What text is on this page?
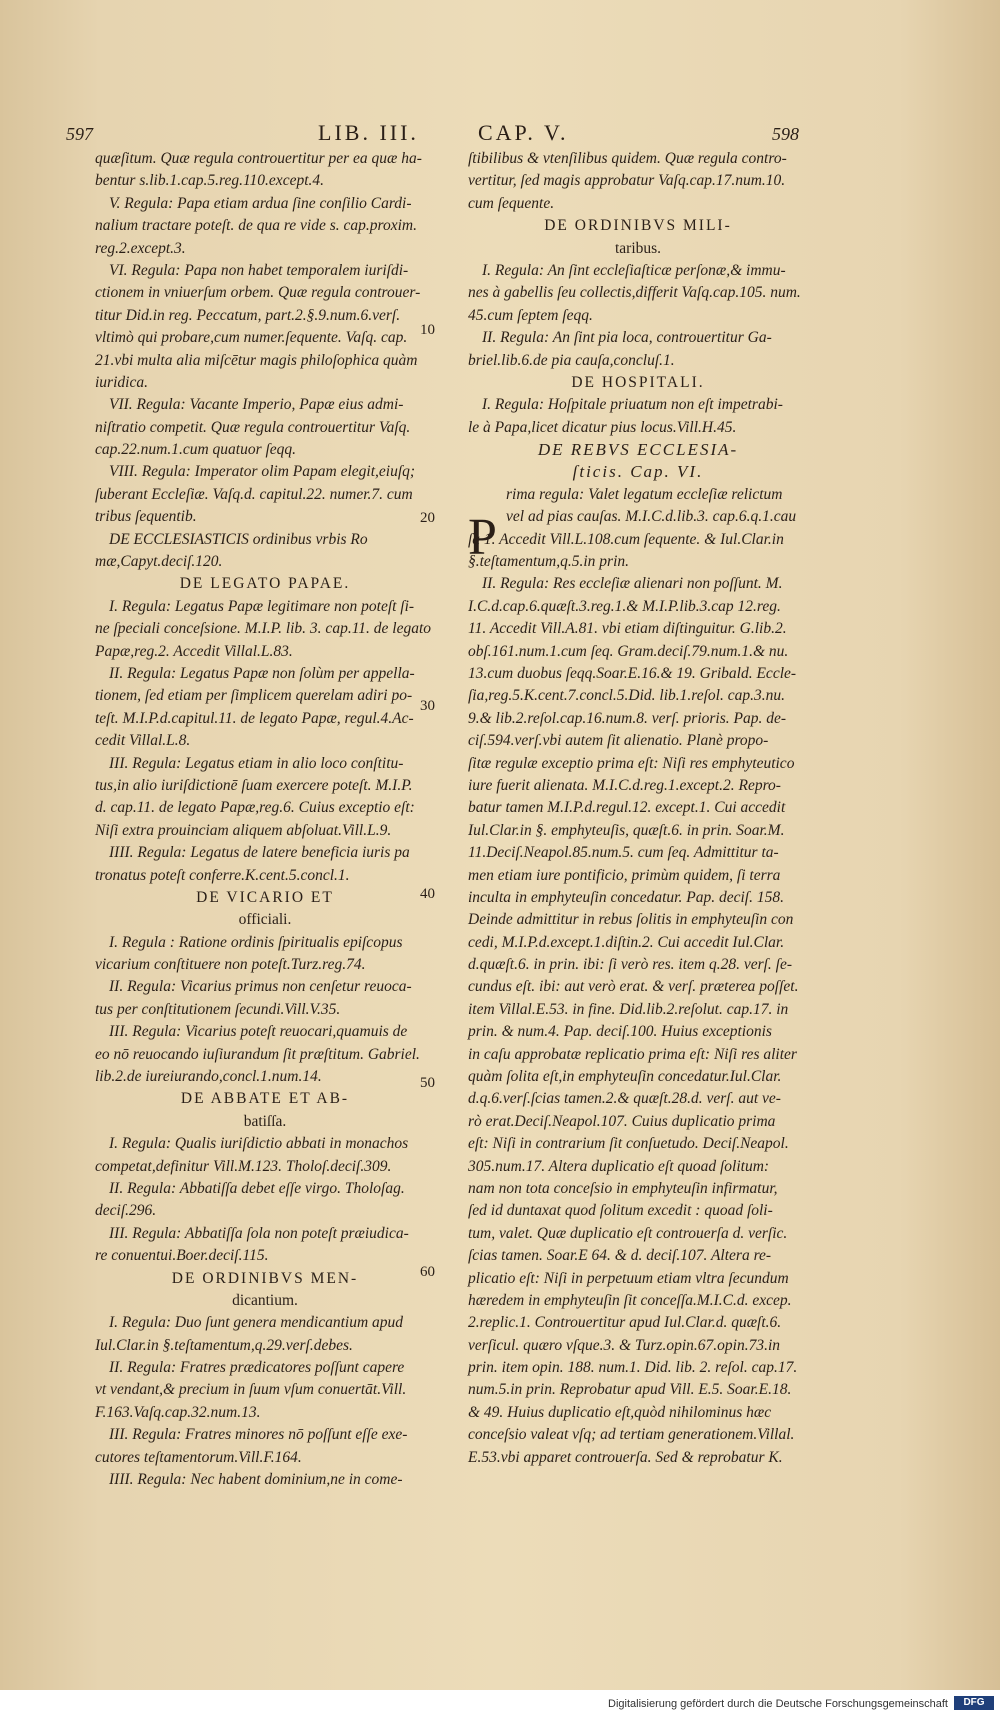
597	LIB. III.	CAP. V.	598
quæſitum. Quæ regula controuertitur per ea quæ ha-
bentur s.lib.1.cap.5.reg.110.except.4.
V. Regula: Papa etiam ardua ſine conſilio Cardi-
nalium tractare poteſt. de qua re vide s. cap.proxim.
reg.2.except.3.
VI. Regula: Papa non habet temporalem iuriſdi-
ctionem in vniuerſum orbem. Quæ regula controuer-
titur Did.in reg. Peccatum, part.2.§.9.num.6.verſ.
vltimò qui probare,cum numer.ſequente. Vaſq. cap.
21.vbi multa alia miſcētur magis philoſophica quàm
iuridica.
VII. Regula: Vacante Imperio, Papæ eius admi-
niſtratio competit. Quæ regula controuertitur Vaſq.
cap.22.num.1.cum quatuor ſeqq.
VIII. Regula: Imperator olim Papam elegit,eiuſq;
ſuberant Eccleſiæ. Vaſq.d. capitul.22. numer.7. cum
tribus ſequentib.
DE ECCLESIASTICIS ordinibus vrbis Ro
mæ,Capyt.deciſ.120.
DE LEGATO PAPAE.
I. Regula: Legatus Papæ legitimare non poteſt ſi-
ne ſpeciali conceſsione. M.I.P. lib. 3. cap.11. de legato
Papæ,reg.2. Accedit Villal.L.83.
II. Regula: Legatus Papæ non ſolùm per appella-
tionem, ſed etiam per ſimplicem querelam adiri po-
teſt. M.I.P.d.capitul.11. de legato Papæ, regul.4.Ac-
cedit Villal.L.8.
III. Regula: Legatus etiam in alio loco conſtitu-
tus,in alio iuriſdictionē ſuam exercere poteſt. M.I.P.
d. cap.11. de legato Papæ,reg.6. Cuius exceptio eſt:
Niſi extra prouinciam aliquem abſoluat.Vill.L.9.
IIII. Regula: Legatus de latere beneficia iuris pa
tronatus poteſt conferre.K.cent.5.concl.1.
DE VICARIO ET
officiali.
I. Regula : Ratione ordinis ſpiritualis epiſcopus
vicarium conſtituere non poteſt.Turz.reg.74.
II. Regula: Vicarius primus non cenſetur reuoca-
tus per conſtitutionem ſecundi.Vill.V.35.
III. Regula: Vicarius poteſt reuocari,quamuis de
eo nō reuocando iuſiurandum ſit præſtitum. Gabriel.
lib.2.de iureiurando,concl.1.num.14.
DE ABBATE ET AB-
batiſſa.
I. Regula: Qualis iuriſdictio abbati in monachos
competat,definitur Vill.M.123. Tholoſ.deciſ.309.
II. Regula: Abbatiſſa debet eſſe virgo. Tholoſag.
deciſ.296.
III. Regula: Abbatiſſa ſola non poteſt præiudica-
re conuentui.Boer.deciſ.115.
DE ORDINIBVS MEN-
dicantium.
I. Regula: Duo ſunt genera mendicantium apud
Iul.Clar.in §.teſtamentum,q.29.verſ.debes.
II. Regula: Fratres prædicatores poſſunt capere
vt vendant,& precium in ſuum vſum conuertāt.Vill.
F.163.Vaſq.cap.32.num.13.
III. Regula: Fratres minores nō poſſunt eſſe exe-
cutores teſtamentorum.Vill.F.164.
IIII. Regula: Nec habent dominium,ne in come-
P
ſtibilibus & vtenſilibus quidem. Quæ regula contro-
vertitur, ſed magis approbatur Vaſq.cap.17.num.10.
cum ſequente.
DE ORDINIBVS MILI-
taribus.
I. Regula: An ſint eccleſiaſticæ perſonæ,& immu-
nes à gabellis ſeu collectis,differit Vaſq.cap.105. num.
45.cum ſeptem ſeqq.
II. Regula: An ſint pia loca, controuertitur Ga-
briel.lib.6.de pia cauſa,concluſ.1.
DE HOSPITALI.
I. Regula: Hoſpitale priuatum non eſt impetrabi-
le à Papa,licet dicatur pius locus.Vill.H.45.
DE REBVS ECCLESIA-
ſticis. Cap. VI.
rima regula: Valet legatum eccleſiæ relictum
vel ad pias cauſas. M.I.C.d.lib.3. cap.6.q.1.cau
ſa 1. Accedit Vill.L.108.cum ſequente. & Iul.Clar.in
§.teſtamentum,q.5.in prin.
II. Regula: Res eccleſiæ alienari non poſſunt. M.
I.C.d.cap.6.quæſt.3.reg.1.& M.I.P.lib.3.cap 12.reg.
11. Accedit Vill.A.81. vbi etiam diſtinguitur. G.lib.2.
obſ.161.num.1.cum ſeq. Gram.deciſ.79.num.1.& nu.
13.cum duobus ſeqq.Soar.E.16.& 19. Gribald. Eccle-
ſia,reg.5.K.cent.7.concl.5.Did. lib.1.reſol. cap.3.nu.
9.& lib.2.reſol.cap.16.num.8. verſ. prioris. Pap. de-
ciſ.594.verſ.vbi autem ſit alienatio. Planè propo-
ſitæ regulæ exceptio prima eſt: Niſi res emphyteutico
iure fuerit alienata. M.I.C.d.reg.1.except.2. Repro-
batur tamen M.I.P.d.regul.12. except.1. Cui accedit
Iul.Clar.in §. emphyteuſis, quæſt.6. in prin. Soar.M.
11.Deciſ.Neapol.85.num.5. cum ſeq. Admittitur ta-
men etiam iure pontificio, primùm quidem, ſi terra
inculta in emphyteuſin concedatur. Pap. deciſ. 158.
Deinde admittitur in rebus ſolitis in emphyteuſin con
cedi, M.I.P.d.except.1.diſtin.2. Cui accedit Iul.Clar.
d.quæſt.6. in prin. ibi: ſi verò res. item q.28. verſ. ſe-
cundus eſt. ibi: aut verò erat. & verſ. præterea poſſet.
item Villal.E.53. in fine. Did.lib.2.reſolut. cap.17. in
prin. & num.4. Pap. deciſ.100. Huius exceptionis
in caſu approbatæ replicatio prima eſt: Niſi res aliter
quàm ſolita eſt,in emphyteuſin concedatur.Iul.Clar.
d.q.6.verſ.ſcias tamen.2.& quæſt.28.d. verſ. aut ve-
rò erat.Deciſ.Neapol.107. Cuius duplicatio prima
eſt: Niſi in contrarium ſit conſuetudo. Deciſ.Neapol.
305.num.17. Altera duplicatio eſt quoad ſolitum:
nam non tota conceſsio in emphyteuſin infirmatur,
ſed id duntaxat quod ſolitum excedit : quoad ſoli-
tum, valet. Quæ duplicatio eſt controuerſa d. verſic.
ſcias tamen. Soar.E 64. & d. deciſ.107. Altera re-
plicatio eſt: Niſi in perpetuum etiam vltra ſecundum
hæredem in emphyteuſin ſit conceſſa.M.I.C.d. excep.
2.replic.1. Controuertitur apud Iul.Clar.d. quæſt.6.
verſicul. quæro vſque.3. & Turz.opin.67.opin.73.in
prin. item opin. 188. num.1. Did. lib. 2. reſol. cap.17.
num.5.in prin. Reprobatur apud Vill. E.5. Soar.E.18.
& 49. Huius duplicatio eſt,quòd nihilominus hæc
conceſsio valeat vſq; ad tertiam generationem.Villal.
E.53.vbi apparet controuerſa. Sed & reprobatur K.
10
20
30
40
50
60
Digitalisierung gefördert durch die Deutsche Forschungsgemeinschaft	DFG
